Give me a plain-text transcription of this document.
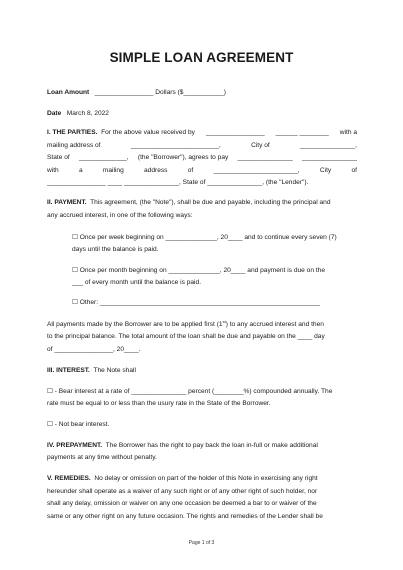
SIMPLE LOAN AGREEMENT
Loan Amount ________________ Dollars ($___________)
Date March 8, 2022
I. THE PARTIES. For the above value received by ________________ ______ ________ with a
mailing address of	________________________,	City of	_______________,
State of _____________, (the "Borrower"), agrees to pay _______________ _______________
with	a	mailing	address	of	_______________________,	City	of
________________ ____ _______________, State of _______________, (the "Lender").
II. PAYMENT. This agreement, (the "Note"), shall be due and payable, including the principal and
any accrued interest, in one of the following ways:
☐ Once per week beginning on ______________, 20____ and to continue every seven (7)
days until the balance is paid.
☐ Once per month beginning on ______________, 20____ and payment is due on the
___ of every month until the balance is paid.
☐ Other: ____________________________________________________________
All payments made by the Borrower are to be applied first (1st) to any accrued interest and then
to the principal balance. The total amount of the loan shall be due and payable on the ____ day
of ________________, 20____.
III. INTEREST. The Note shall
☐ - Bear interest at a rate of _______________ percent (________%) compounded annually. The
rate must be equal to or less than the usury rate in the State of the Borrower.
☐ - Not bear interest.
IV. PREPAYMENT. The Borrower has the right to pay back the loan in-full or make additional
payments at any time without penalty.
V. REMEDIES. No delay or omission on part of the holder of this Note in exercising any right
hereunder shall operate as a waiver of any such right or of any other right of such holder, nor
shall any delay, omission or waiver on any one occasion be deemed a bar to or waiver of the
same or any other right on any future occasion. The rights and remedies of the Lender shall be
Page 1 of 3
